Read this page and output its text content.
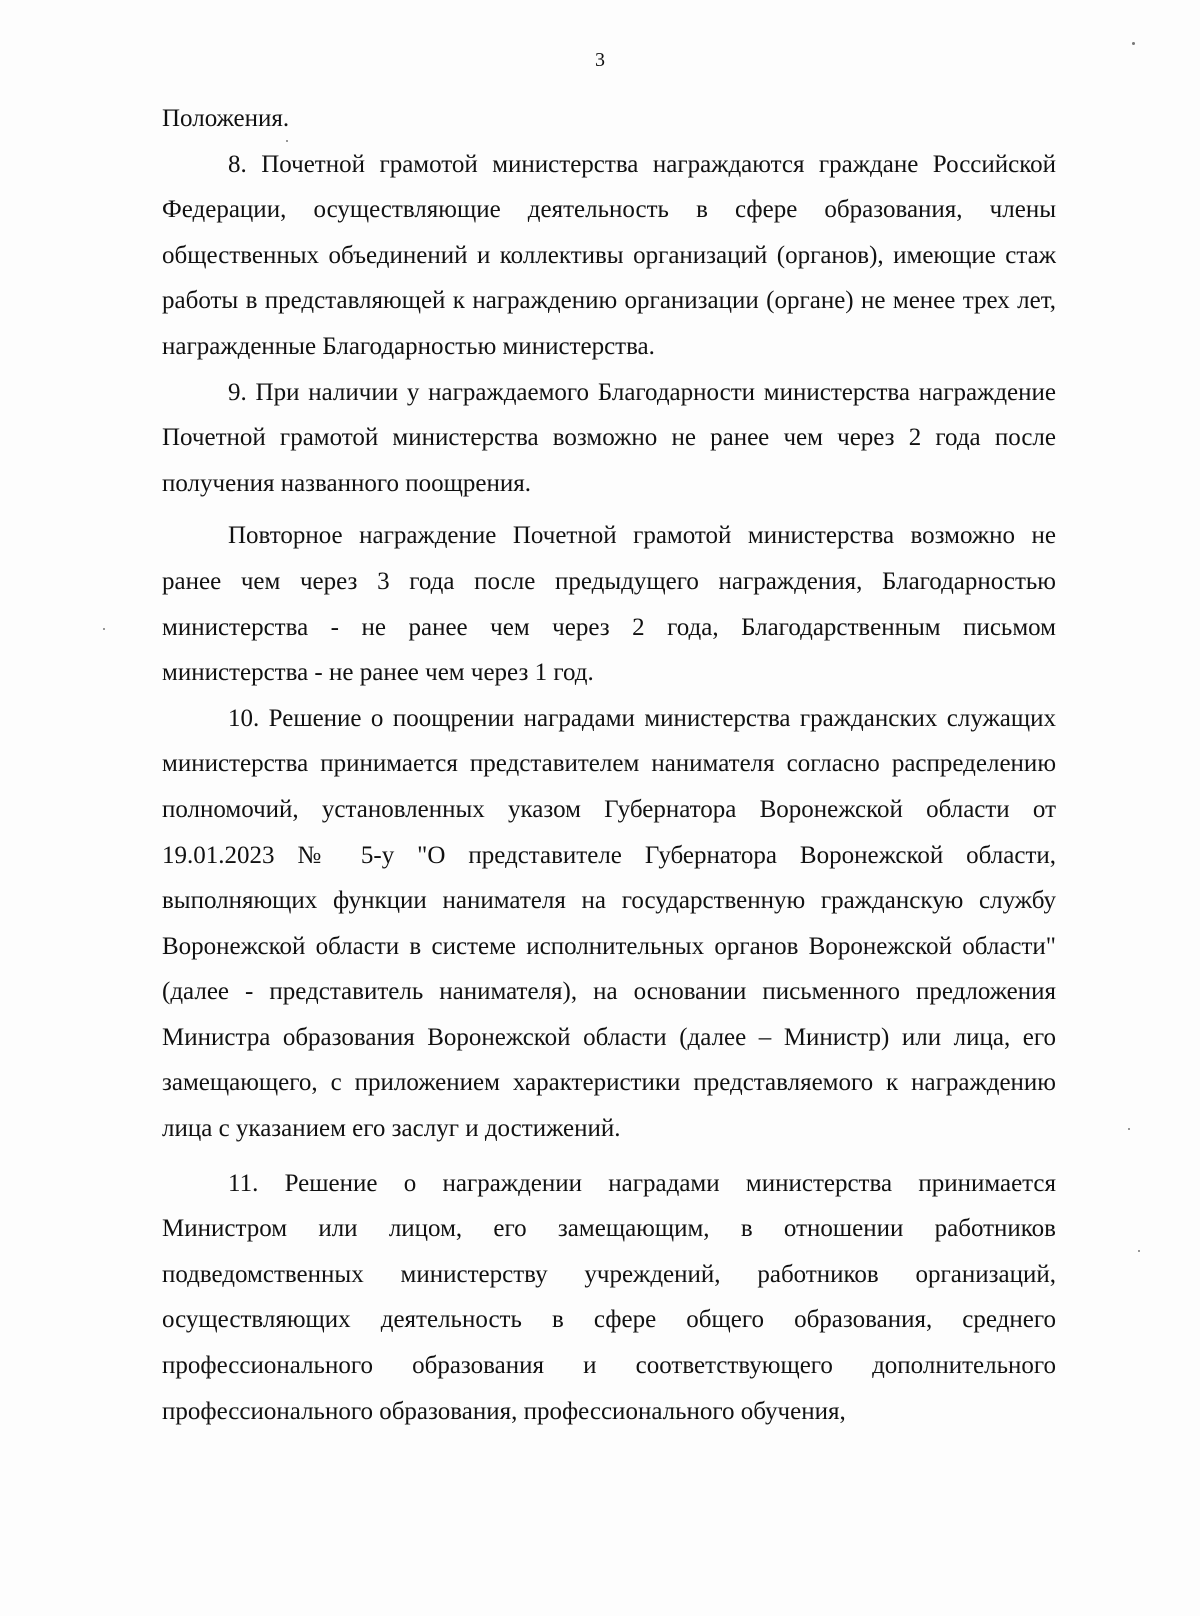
3

Положения.

8. Почетной грамотой министерства награждаются граждане Российской Федерации, осуществляющие деятельность в сфере образования, члены общественных объединений и коллективы организаций (органов), имеющие стаж работы в представляющей к награждению организации (органе) не менее трех лет, награжденные Благодарностью министерства.

9. При наличии у награждаемого Благодарности министерства награждение Почетной грамотой министерства возможно не ранее чем через 2 года после получения названного поощрения.

Повторное награждение Почетной грамотой министерства возможно не ранее чем через 3 года после предыдущего награждения, Благодарностью министерства - не ранее чем через 2 года, Благодарственным письмом министерства - не ранее чем через 1 год.

10. Решение о поощрении наградами министерства гражданских служащих министерства принимается представителем нанимателя согласно распределению полномочий, установленных указом Губернатора Воронежской области от 19.01.2023 № 5-у "О представителе Губернатора Воронежской области, выполняющих функции нанимателя на государственную гражданскую службу Воронежской области в системе исполнительных органов Воронежской области" (далее - представитель нанимателя), на основании письменного предложения Министра образования Воронежской области (далее – Министр) или лица, его замещающего, с приложением характеристики представляемого к награждению лица с указанием его заслуг и достижений.

11. Решение о награждении наградами министерства принимается Министром или лицом, его замещающим, в отношении работников подведомственных министерству учреждений, работников организаций, осуществляющих деятельность в сфере общего образования, среднего профессионального образования и соответствующего дополнительного профессионального образования, профессионального обучения,
